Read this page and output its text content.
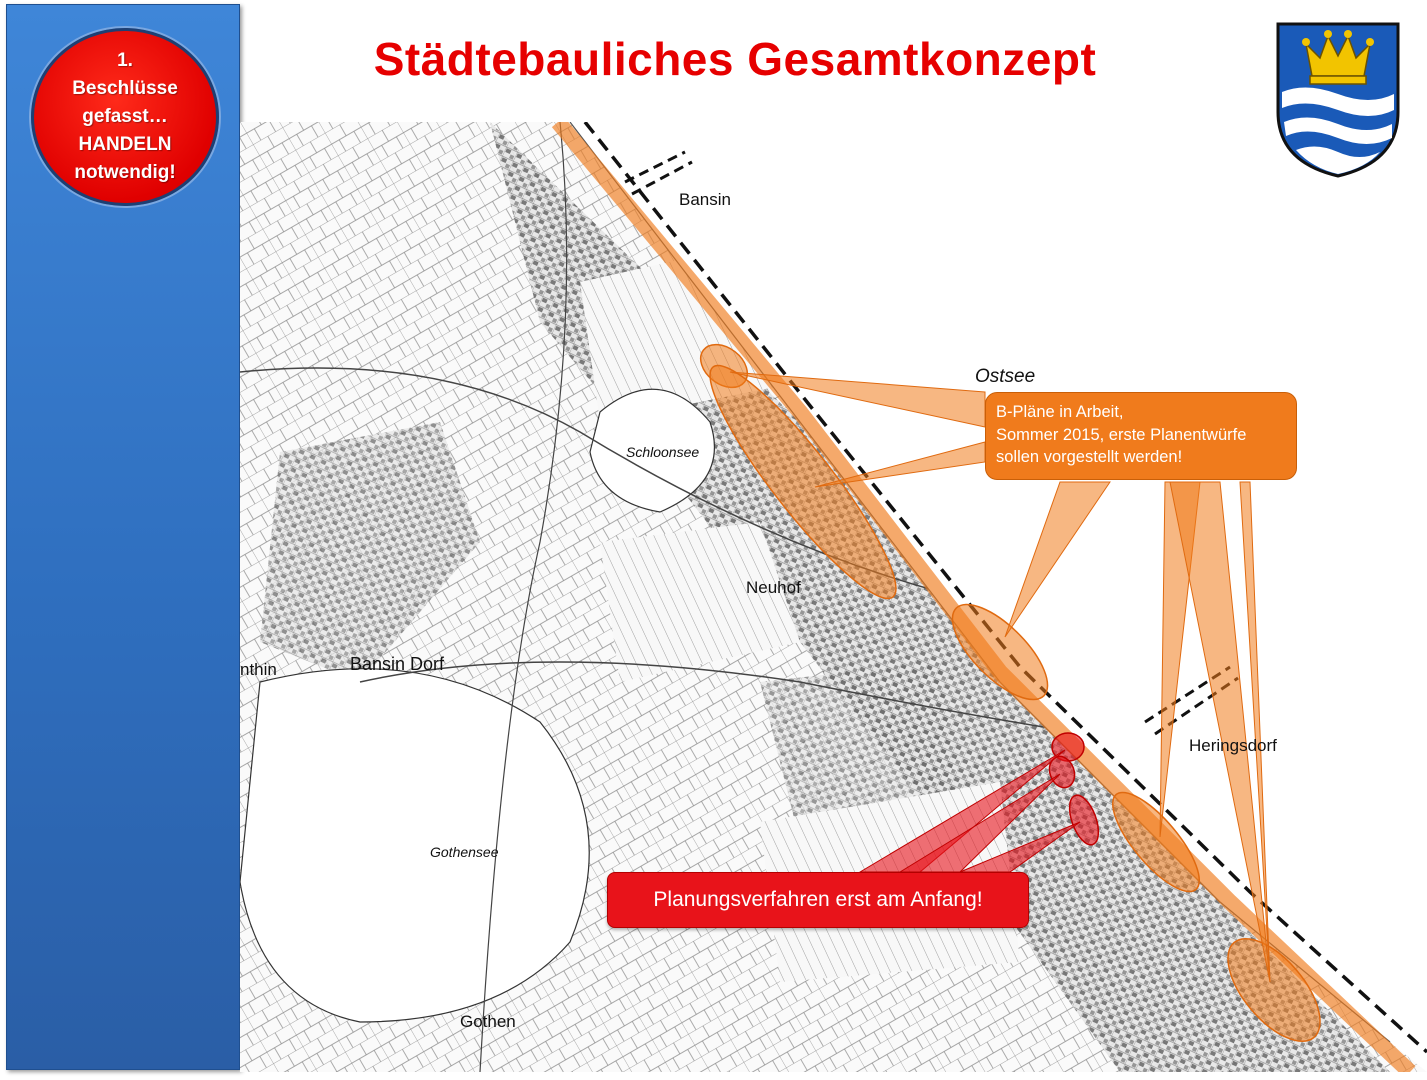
1.
Beschlüsse
gefasst…
HANDELN
notwendig!
Städtebauliches Gesamtkonzept
Bansin
Ostsee
Schloonsee
Neuhof
Bansin Dorf
nthin
Heringsdorf
Gothensee
Gothen
B-Pläne in Arbeit,
Sommer 2015, erste Planentwürfe
sollen vorgestellt werden!
Planungsverfahren erst am Anfang!
